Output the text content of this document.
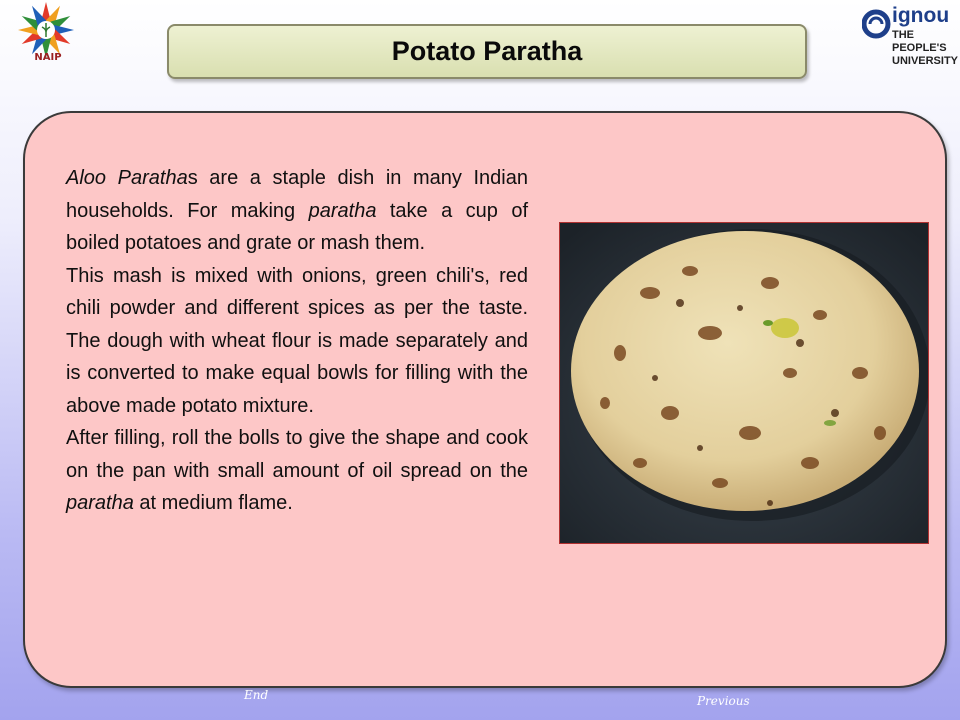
NAIP	Potato Paratha
ignou
THE PEOPLE'S
UNIVERSITY

Aloo Parathas are a staple dish in many Indian households. For making paratha take a cup of boiled potatoes and grate or mash them.

This mash is mixed with onions, green chili's, red chili powder and different spices as per the taste. The dough with wheat flour is made separately and is converted to make equal bowls for filling with the above made potato mixture.

After filling, roll the bolls to give the shape and cook on the pan with small amount of oil spread on the paratha at medium flame.

End	Previous
